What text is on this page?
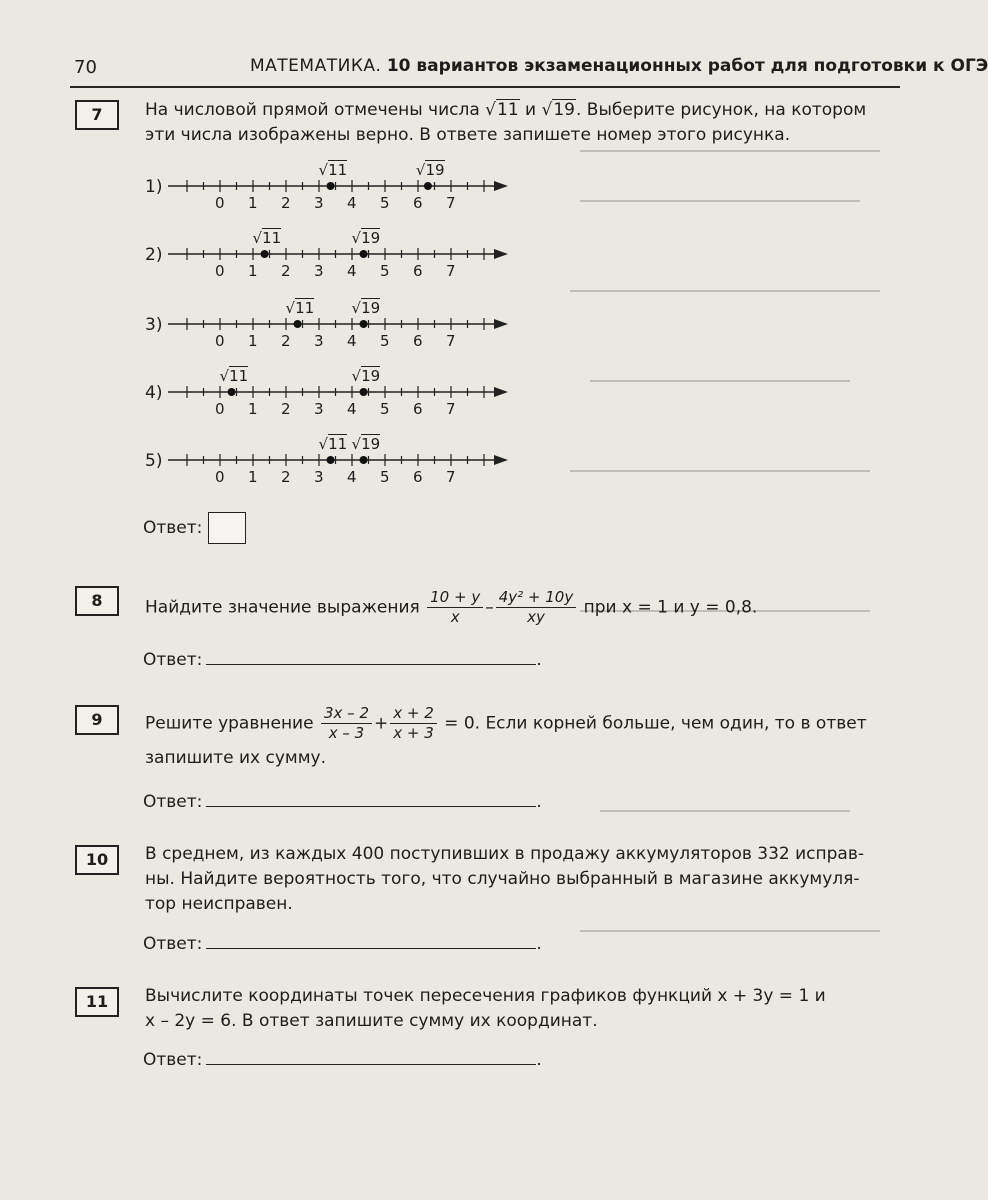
70	МАТЕМАТИКА. 10 вариантов экзаменационных работ для подготовки к ОГЭ
7	На числовой прямой отмечены числа √11 и √19. Выберите рисунок, на котором
эти числа изображены верно. В ответе запишете номер этого рисунка.
1)
0 1 2 3 4 5 6 7
√11	√19
2)
0 1 2 3 4 5 6 7
√11	√19
3)
0 1 2 3 4 5 6 7
√11 √19
4)
0 1 2 3 4 5 6 7
√11	√19
5)
0 1 2 3 4 5 6 7
√11 √19
Ответ:
8	Найдите значение выражения $\frac{10 + y}{x} - \frac{\text{4y² + 10y}}{xy}$ при x = 1 и y = 0,8.
Ответ:	.
9	Решите уравнение $\frac{3x - 2}{x - 3} + \frac{x + 2}{x + 3} = 0$. Если корней больше, чем один, то в ответ
запишите их сумму.
Ответ:	.
10	В среднем, из каждых 400 поступивших в продажу аккумуляторов 332 исправ-
ны. Найдите вероятность того, что случайно выбранный в магазине аккумуля-
тор неисправен.
Ответ:	.
11	Вычислите координаты точек пересечения графиков функций x + 3y = 1 и
x – 2y = 6. В ответ запишите сумму их координат.
Ответ:	.
